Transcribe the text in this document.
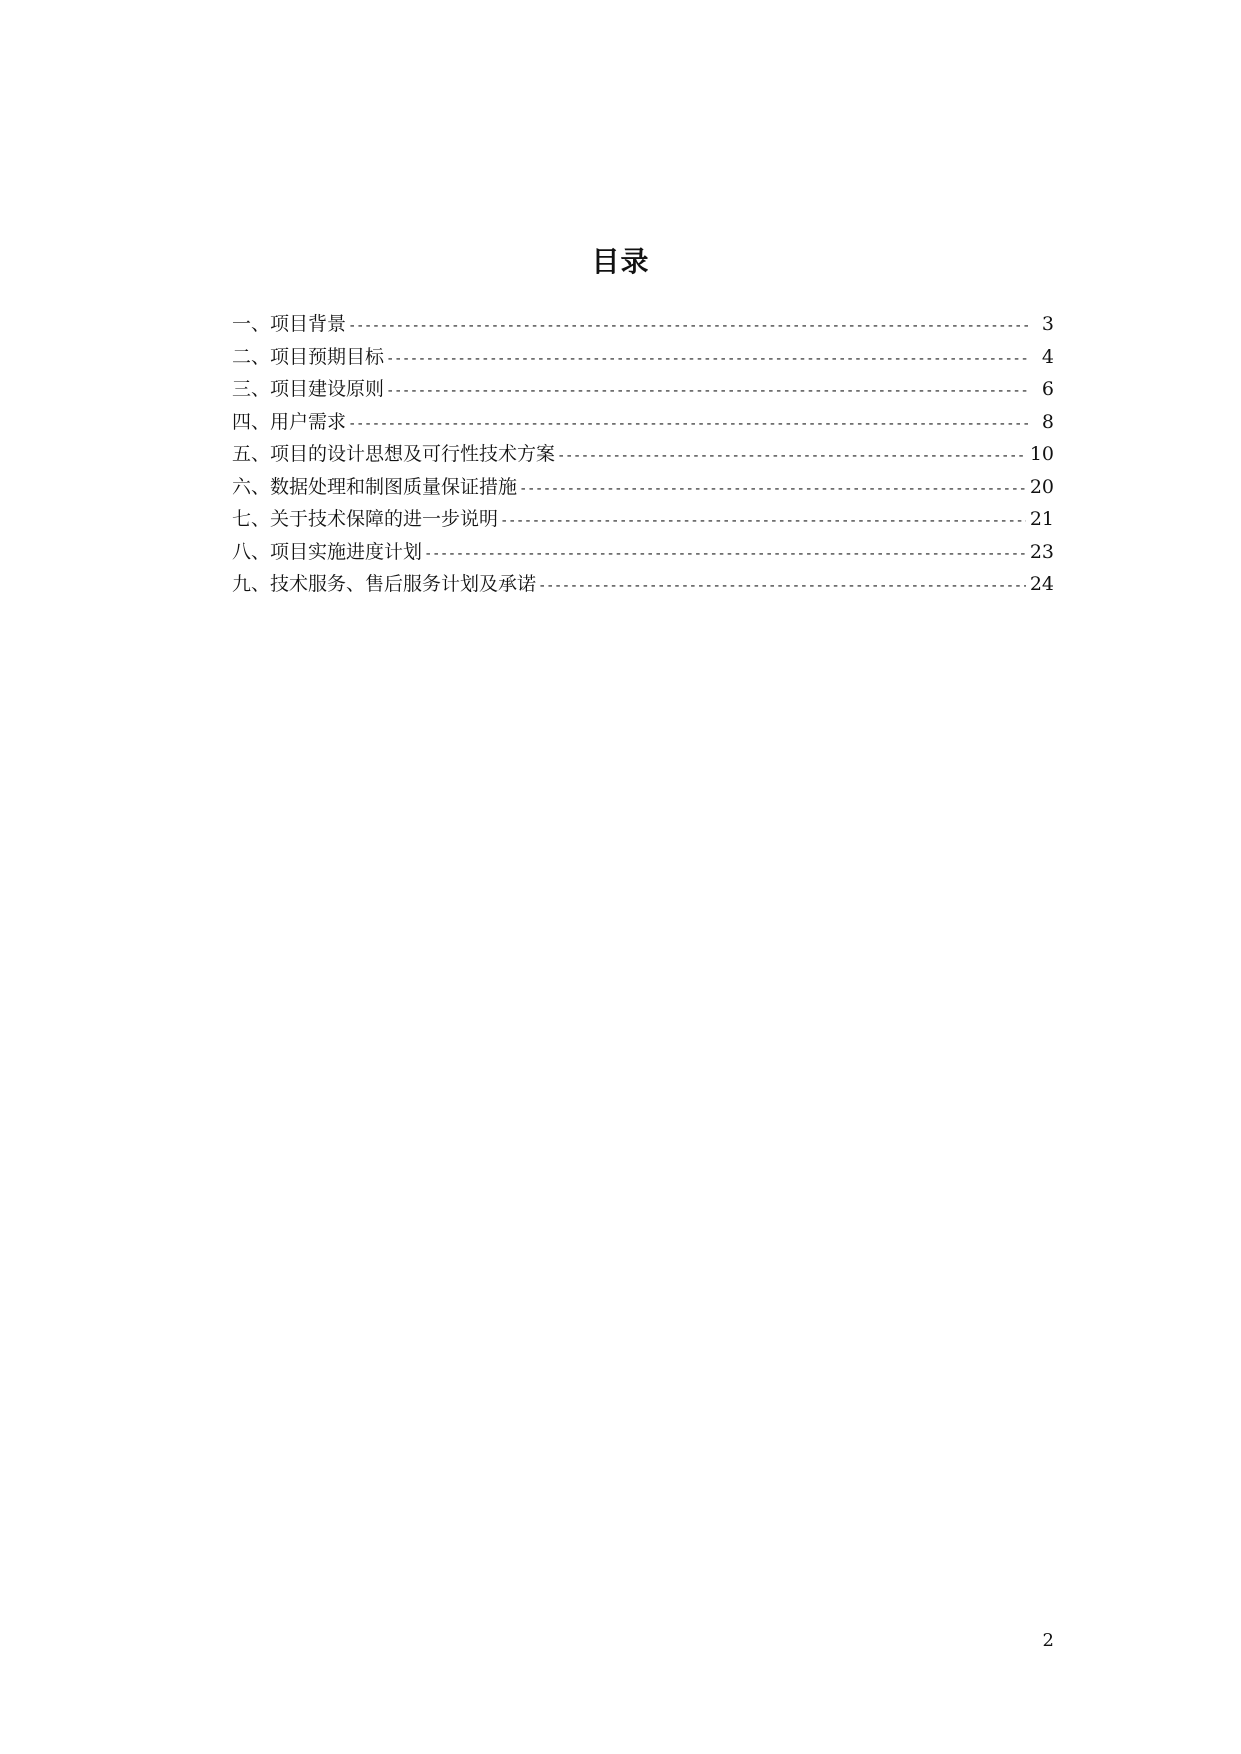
目录
一、项目背景 -----	3
二、项目预期目标 -----	4
三、项目建设原则 -----	6
四、用户需求 -----	8
五、项目的设计思想及可行性技术方案 -----	10
六、数据处理和制图质量保证措施 -----	20
七、关于技术保障的进一步说明 -----	21
八、项目实施进度计划 -----	23
九、技术服务、售后服务计划及承诺 -----	24
2
